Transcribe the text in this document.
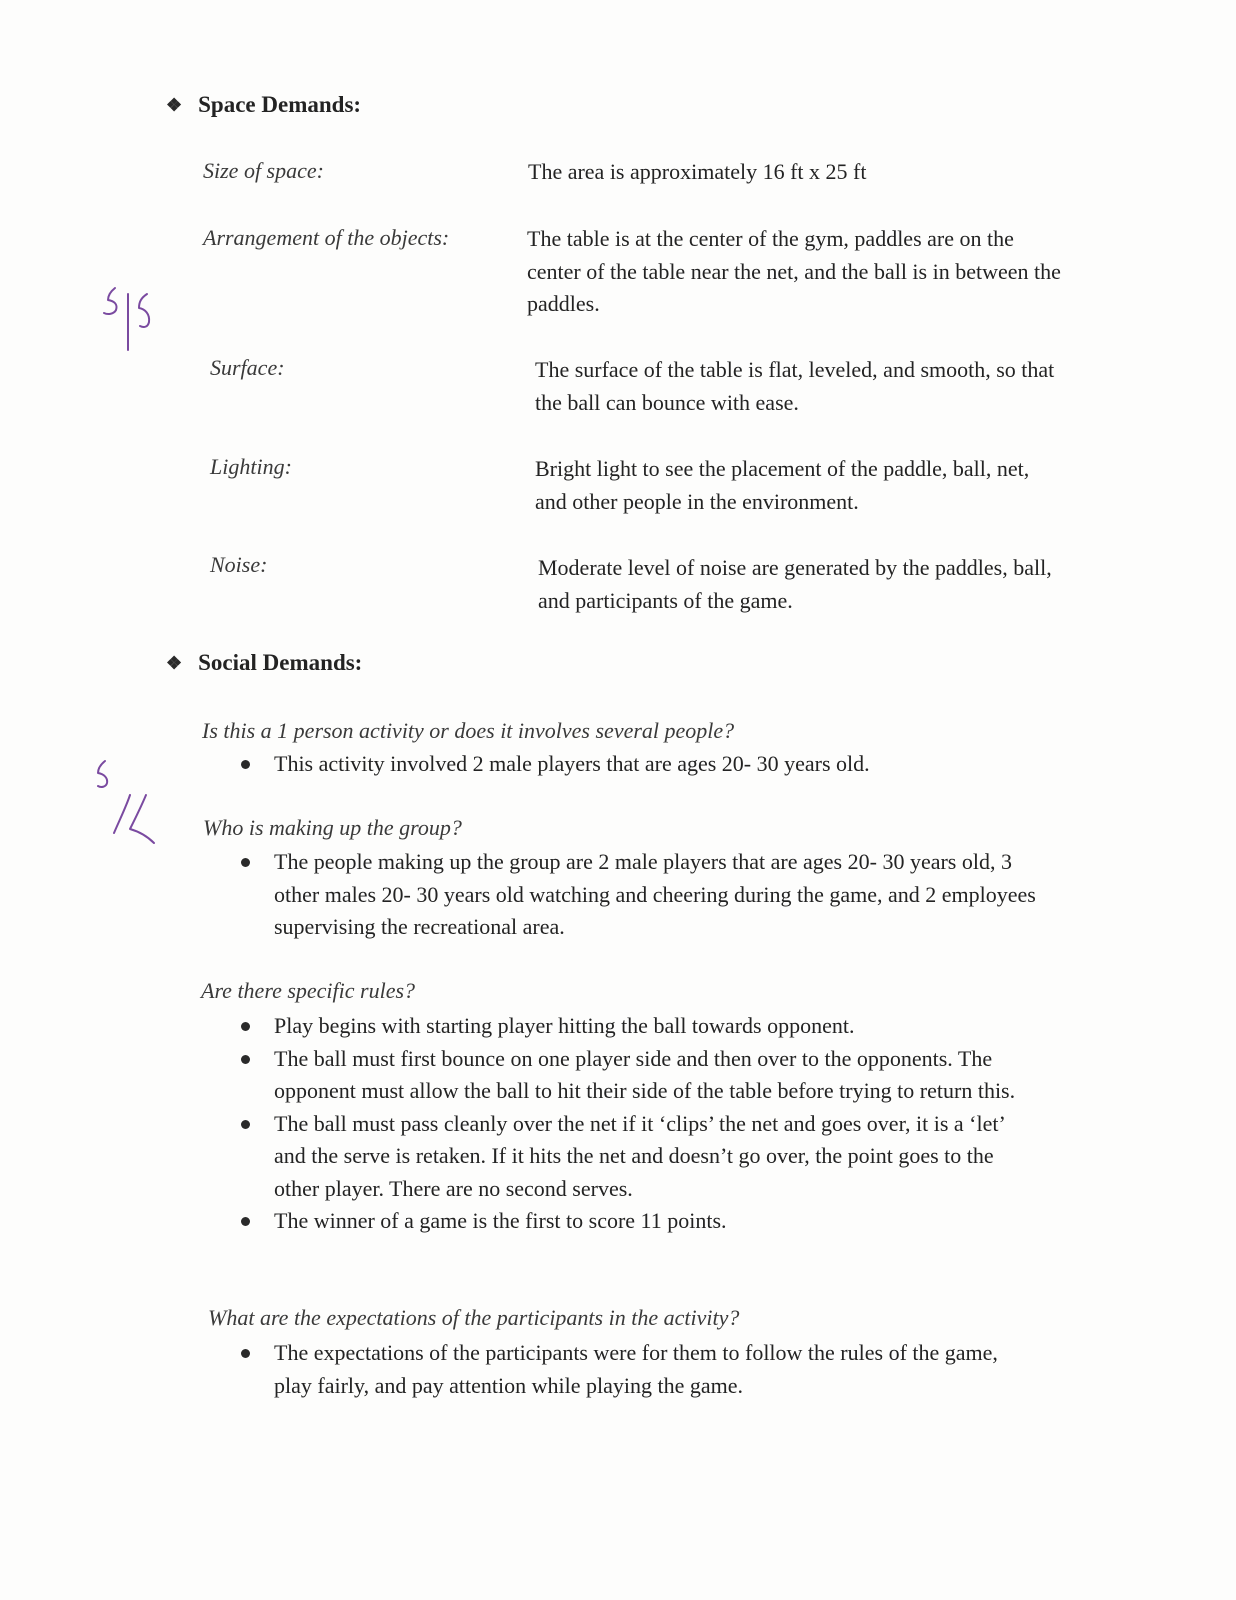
❖ Space Demands:
Size of space:	The area is approximately 16 ft x 25 ft
Arrangement of the objects:	The table is at the center of the gym, paddles are on the center of the table near the net, and the ball is in between the paddles.
Surface:	The surface of the table is flat, leveled, and smooth, so that the ball can bounce with ease.
Lighting:	Bright light to see the placement of the paddle, ball, net, and other people in the environment.
Noise:	Moderate level of noise are generated by the paddles, ball, and participants of the game.
❖ Social Demands:
Is this a 1 person activity or does it involves several people?
This activity involved 2 male players that are ages 20- 30 years old.
Who is making up the group?
The people making up the group are 2 male players that are ages 20- 30 years old, 3 other males 20- 30 years old watching and cheering during the game, and 2 employees supervising the recreational area.
Are there specific rules?
Play begins with starting player hitting the ball towards opponent.
The ball must first bounce on one player side and then over to the opponents. The opponent must allow the ball to hit their side of the table before trying to return this.
The ball must pass cleanly over the net if it ‘clips’ the net and goes over, it is a ‘let’ and the serve is retaken. If it hits the net and doesn’t go over, the point goes to the other player. There are no second serves.
The winner of a game is the first to score 11 points.
What are the expectations of the participants in the activity?
The expectations of the participants were for them to follow the rules of the game, play fairly, and pay attention while playing the game.
